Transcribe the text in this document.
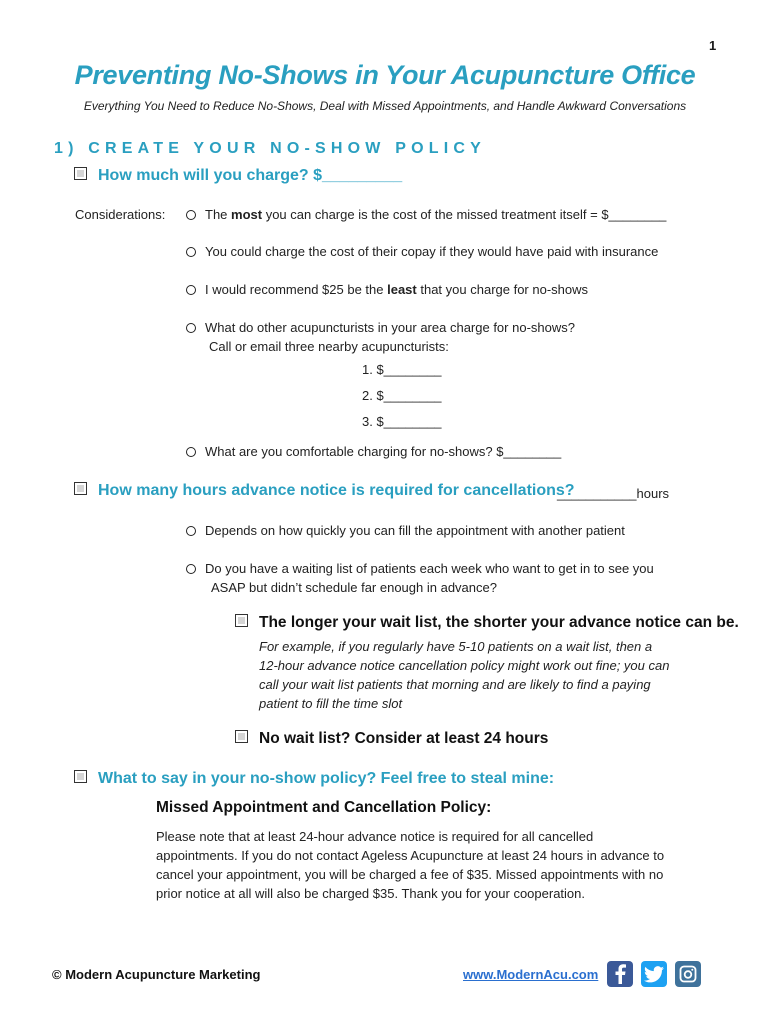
1
Preventing No-Shows in Your Acupuncture Office
Everything You Need to Reduce No-Shows, Deal with Missed Appointments, and Handle Awkward Conversations
1) CREATE YOUR NO-SHOW POLICY
How much will you charge? $_________
Considerations:	The most you can charge is the cost of the missed treatment itself = $________
You could charge the cost of their copay if they would have paid with insurance
I would recommend $25 be the least that you charge for no-shows
What do other acupuncturists in your area charge for no-shows?
Call or email three nearby acupuncturists:
1. $________
2. $________
3. $________
What are you comfortable charging for no-shows? $________
How many hours advance notice is required for cancellations?
___________hours
Depends on how quickly you can fill the appointment with another patient
Do you have a waiting list of patients each week who want to get in to see you
ASAP but didn’t schedule far enough in advance?
The longer your wait list, the shorter your advance notice can be.
For example, if you regularly have 5-10 patients on a wait list, then a
12-hour advance notice cancellation policy might work out fine; you can
call your wait list patients that morning and are likely to find a paying
patient to fill the time slot
No wait list? Consider at least 24 hours
What to say in your no-show policy? Feel free to steal mine:
Missed Appointment and Cancellation Policy:
Please note that at least 24-hour advance notice is required for all cancelled
appointments. If you do not contact Ageless Acupuncture at least 24 hours in advance to
cancel your appointment, you will be charged a fee of $35. Missed appointments with no
prior notice at all will also be charged $35. Thank you for your cooperation.
© Modern Acupuncture Marketing	www.ModernAcu.com
